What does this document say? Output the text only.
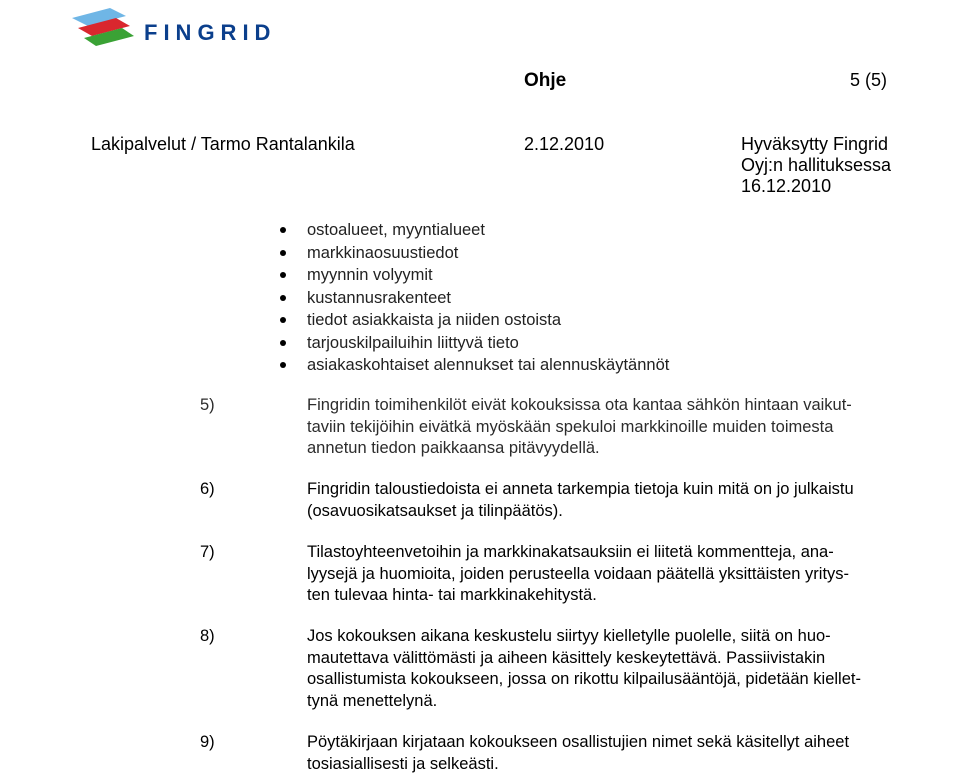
FINGRID
Ohje	5 (5)
Lakipalvelut / Tarmo Rantalankila	2.12.2010	Hyväksytty Fingrid
Oyj:n hallituksessa
16.12.2010
ostoalueet, myyntialueet
markkinaosuustiedot
myynnin volyymit
kustannusrakenteet
tiedot asiakkaista ja niiden ostoista
tarjouskilpailuihin liittyvä tieto
asiakaskohtaiset alennukset tai alennuskäytännöt
5)	Fingridin toimihenkilöt eivät kokouksissa ota kantaa sähkön hintaan vaikut-
taviin tekijöihin eivätkä myöskään spekuloi markkinoille muiden toimesta
annetun tiedon paikkaansa pitävyydellä.
6)	Fingridin taloustiedoista ei anneta tarkempia tietoja kuin mitä on jo julkaistu
(osavuosikatsaukset ja tilinpäätös).
7)	Tilastoyhteenvetoihin ja markkinakatsauksiin ei liitetä kommentteja, ana-
lyysejä ja huomioita, joiden perusteella voidaan päätellä yksittäisten yritys-
ten tulevaa hinta- tai markkinakehitystä.
8)	Jos kokouksen aikana keskustelu siirtyy kielletylle puolelle, siitä on huo-
mautettava välittömästi ja aiheen käsittely keskeytettävä. Passiivistakin
osallistumista kokoukseen, jossa on rikottu kilpailusääntöjä, pidetään kiellet-
tynä menettelynä.
9)	Pöytäkirjaan kirjataan kokoukseen osallistujien nimet sekä käsitellyt aiheet
tosiasiallisesti ja selkeästi.
